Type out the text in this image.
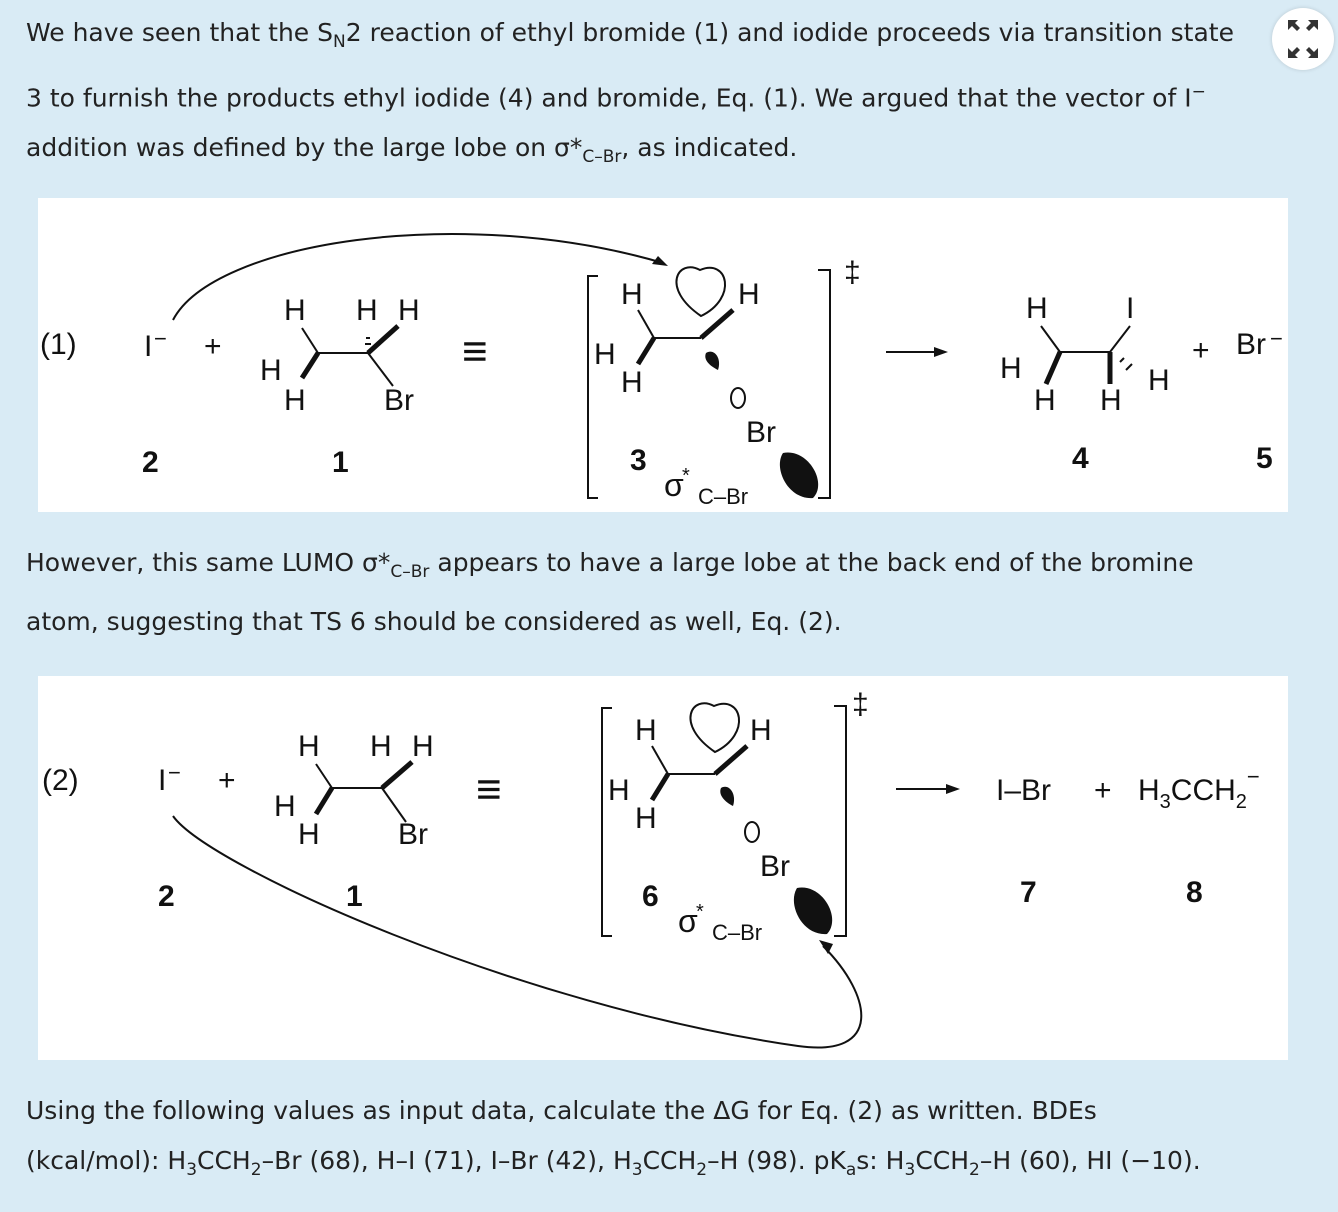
We have seen that the $S_N2$ reaction of ethyl bromide (1) and iodide proceeds via transition state 3 to furnish the products ethyl iodide (4) and bromide, Eq. (1). We argued that the vector of I− addition was defined by the large lobe on $\sigma*_{C-Br}$, as indicated.

(1) I − +
H H H
H
H	Br
≡
‡
H	H
H
H
Br
3
σ
*
C–Br
H	I
H
H H
H
+ Br −
2	1	4	5

However, this same LUMO $\sigma*_{C-Br}$ appears to have a large lobe at the back end of the bromine atom, suggesting that TS 6 should be considered as well, Eq. (2).

(2)	I − +
H H H
H
H	Br
≡
‡
H	H
H
H
Br
6
σ
*
C–Br
$I-Br + H_3CCH_2^-$
2	1	7	8

Using the following values as input data, calculate the ΔG for Eq. (2) as written. BDEs (kcal/mol): $H_3CCH_2-Br$ (68), H–I (71), I–Br (42), $H_3CCH_2-H$ (98). $pK_as$: $H_3CCH_2-H$ (60), HI (−10).
